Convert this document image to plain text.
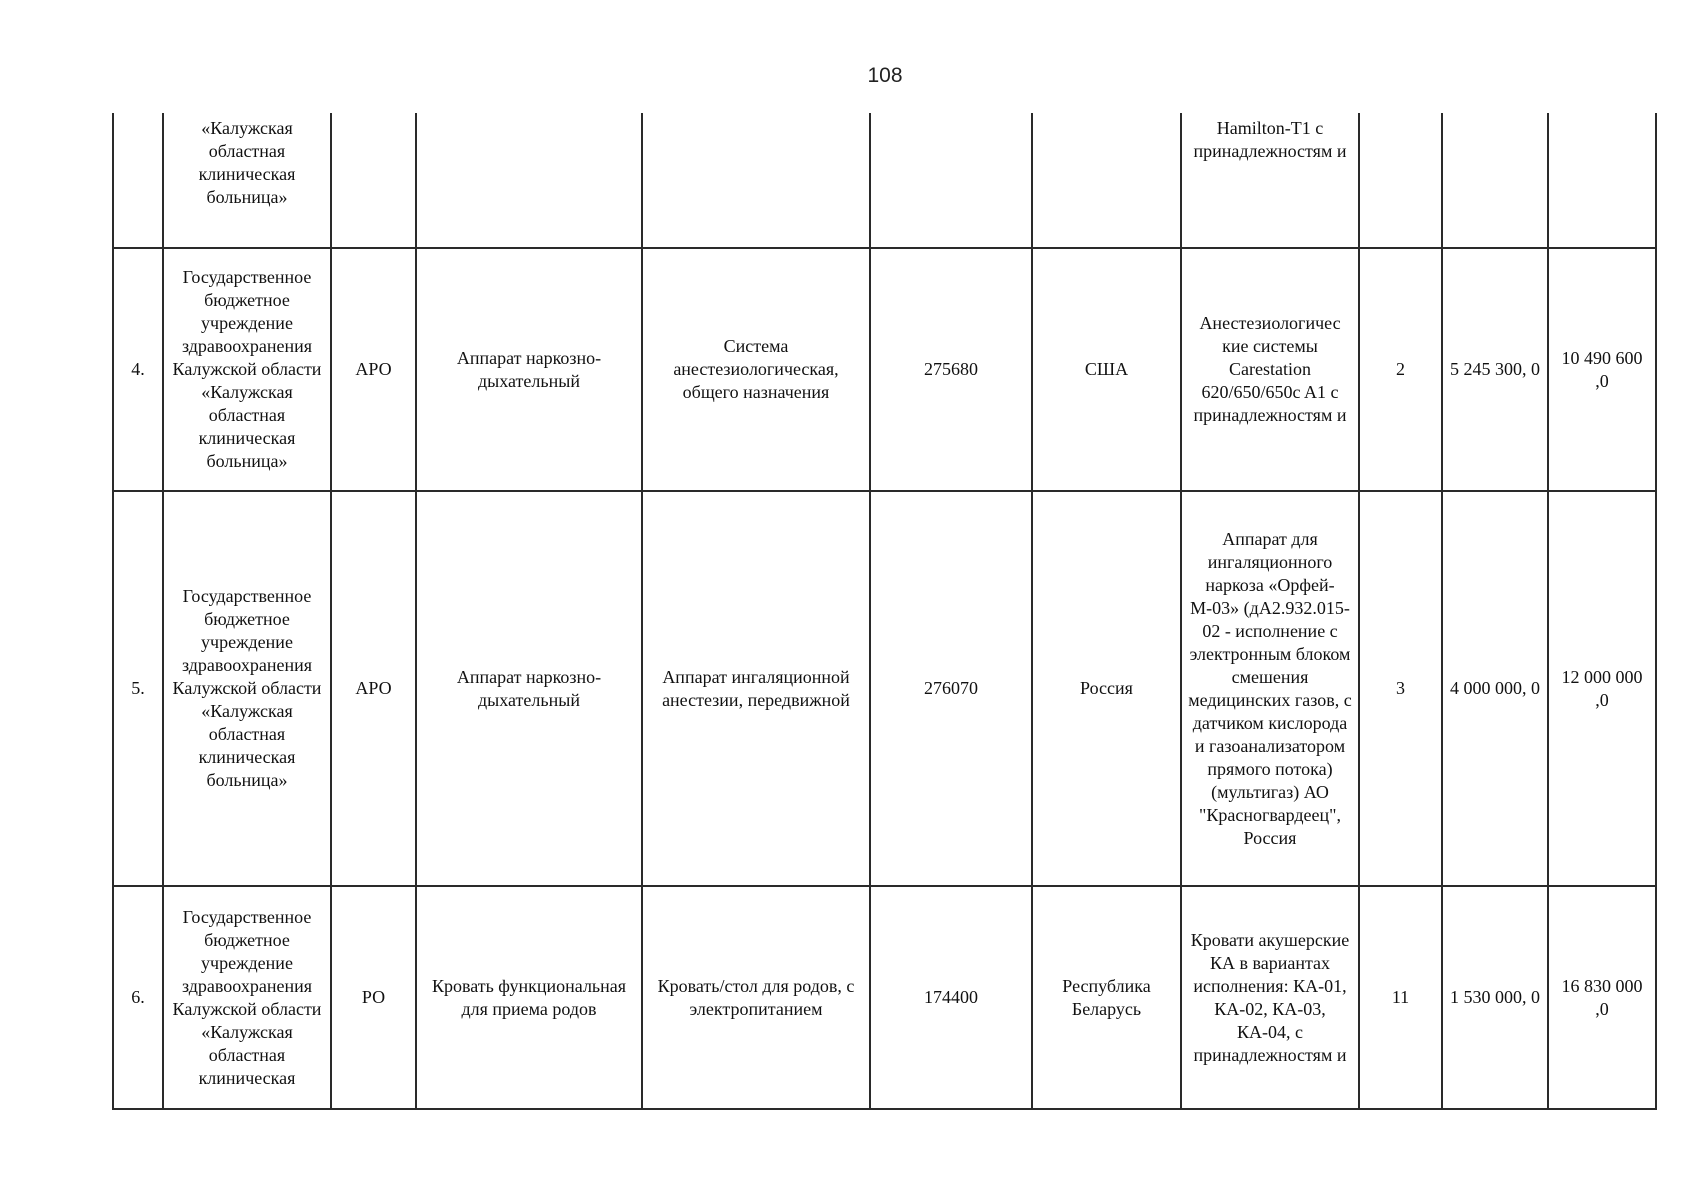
108
	«Калужская областная клиническая больница»						Hamilton-T1 с принадлежностям и			
4.	Государственное бюджетное учреждение здравоохранения Калужской области «Калужская областная клиническая больница»	АРО	Аппарат наркозно-дыхательный	Система анестезиологическая, общего назначения	275680	США	Анестезиологичес кие системы Carestation 620/650/650c A1 с принадлежностям и	2	5 245 300, 0	10 490 600 ,0
5.	Государственное бюджетное учреждение здравоохранения Калужской области «Калужская областная клиническая больница»	АРО	Аппарат наркозно-дыхательный	Аппарат ингаляционной анестезии, передвижной	276070	Россия	Аппарат для ингаляционного наркоза «Орфей-М-03» (дА2.932.015-02 - исполнение с электронным блоком смешения медицинских газов, с датчиком кислорода и газоанализатором прямого потока) (мультигаз) АО "Красногвардеец", Россия	3	4 000 000, 0	12 000 000 ,0
6.	Государственное бюджетное учреждение здравоохранения Калужской области «Калужская областная клиническая	РО	Кровать функциональная для приема родов	Кровать/стол для родов, с электропитанием	174400	Республика Беларусь	Кровати акушерские КА в вариантах исполнения: КА-01, КА-02, КА-03, КА-04, с принадлежностям и	11	1 530 000, 0	16 830 000 ,0
